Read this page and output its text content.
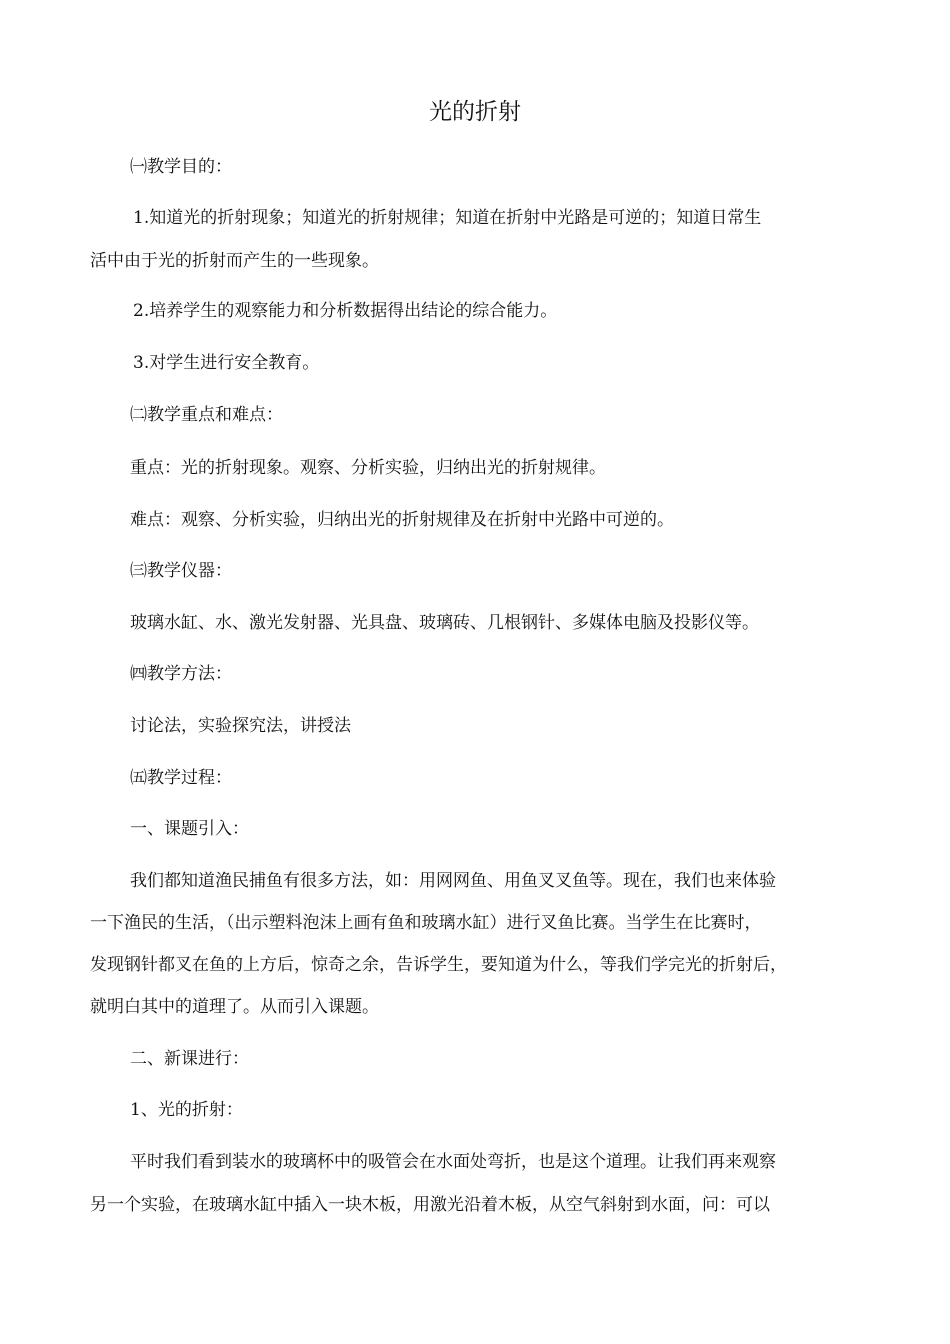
光的折射

㈠教学目的：

1.知道光的折射现象；知道光的折射规律；知道在折射中光路是可逆的；知道日常生

活中由于光的折射而产生的一些现象。

2.培养学生的观察能力和分析数据得出结论的综合能力。

3.对学生进行安全教育。

㈡教学重点和难点：

重点：光的折射现象。观察、分析实验，归纳出光的折射规律。

难点：观察、分析实验，归纳出光的折射规律及在折射中光路中可逆的。

㈢教学仪器：

玻璃水缸、水、激光发射器、光具盘、玻璃砖、几根钢针、多媒体电脑及投影仪等。

㈣教学方法：

讨论法，实验探究法，讲授法

㈤教学过程：

一、课题引入：

我们都知道渔民捕鱼有很多方法，如：用网网鱼、用鱼叉叉鱼等。现在，我们也来体验

一下渔民的生活，（出示塑料泡沫上画有鱼和玻璃水缸）进行叉鱼比赛。当学生在比赛时，

发现钢针都叉在鱼的上方后，惊奇之余，告诉学生，要知道为什么，等我们学完光的折射后，

就明白其中的道理了。从而引入课题。

二、新课进行：

1、光的折射：

平时我们看到装水的玻璃杯中的吸管会在水面处弯折，也是这个道理。让我们再来观察

另一个实验，在玻璃水缸中插入一块木板，用激光沿着木板，从空气斜射到水面，问：可以
